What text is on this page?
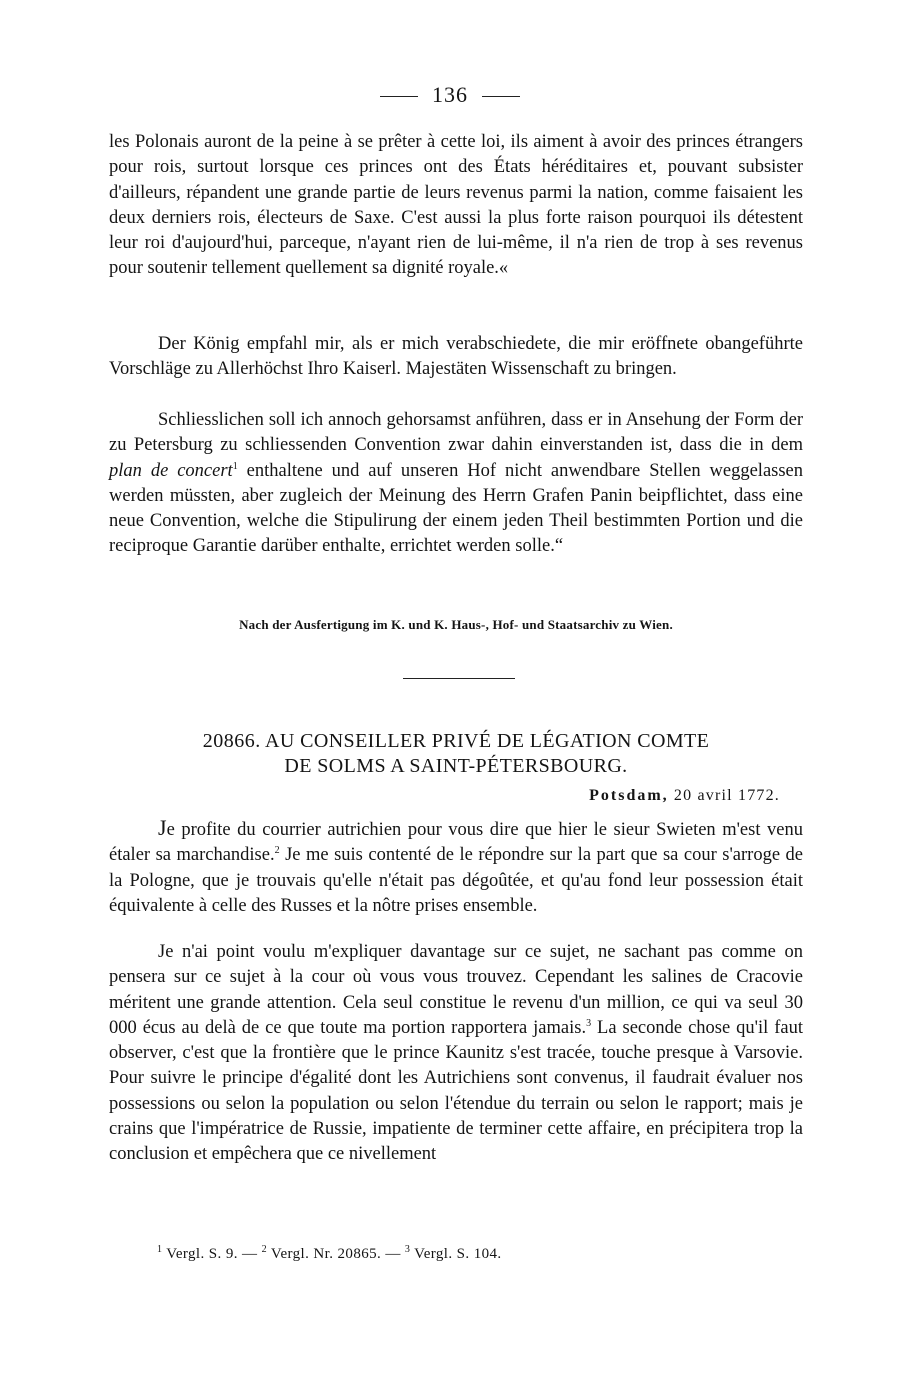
136

les Polonais auront de la peine à se prêter à cette loi, ils aiment à avoir des princes étrangers pour rois, surtout lorsque ces princes ont des États héréditaires et, pouvant subsister d'ailleurs, répandent une grande partie de leurs revenus parmi la nation, comme faisaient les deux derniers rois, électeurs de Saxe. C'est aussi la plus forte raison pourquoi ils détestent leur roi d'aujourd'hui, parceque, n'ayant rien de lui-même, il n'a rien de trop à ses revenus pour soutenir tellement quellement sa dignité royale.«

Der König empfahl mir, als er mich verabschiedete, die mir eröffnete obangeführte Vorschläge zu Allerhöchst Ihro Kaiserl. Majestäten Wissenschaft zu bringen.

Schliesslichen soll ich annoch gehorsamst anführen, dass er in Ansehung der Form der zu Petersburg zu schliessenden Convention zwar dahin einverstanden ist, dass die in dem plan de concert$^1$ enthaltene und auf unseren Hof nicht anwendbare Stellen weggelassen werden müssten, aber zugleich der Meinung des Herrn Grafen Panin beipflichtet, dass eine neue Convention, welche die Stipulirung der einem jeden Theil bestimmten Portion und die reciproque Garantie darüber enthalte, errichtet werden solle.“

Nach der Ausfertigung im K. und K. Haus-, Hof- und Staatsarchiv zu Wien.
20866. AU CONSEILLER PRIVÉ DE LÉGATION COMTE
DE SOLMS A SAINT-PÉTERSBOURG.
Potsdam, 20 avril 1772.

Je profite du courrier autrichien pour vous dire que hier le sieur Swieten m'est venu étaler sa marchandise.$^2$ Je me suis contenté de le répondre sur la part que sa cour s'arroge de la Pologne, que je trouvais qu'elle n'était pas dégoûtée, et qu'au fond leur possession était équivalente à celle des Russes et la nôtre prises ensemble.

Je n'ai point voulu m'expliquer davantage sur ce sujet, ne sachant pas comme on pensera sur ce sujet à la cour où vous vous trouvez. Cependant les salines de Cracovie méritent une grande attention. Cela seul constitue le revenu d'un million, ce qui va seul 30 000 écus au delà de ce que toute ma portion rapportera jamais.$^3$ La seconde chose qu'il faut observer, c'est que la frontière que le prince Kaunitz s'est tracée, touche presque à Varsovie. Pour suivre le principe d'égalité dont les Autrichiens sont convenus, il faudrait évaluer nos possessions ou selon la population ou selon l'étendue du terrain ou selon le rapport; mais je crains que l'impératrice de Russie, impatiente de terminer cette affaire, en précipitera trop la conclusion et empêchera que ce nivellement

$^1$ Vergl. S. 9. — $^2$ Vergl. Nr. 20865. — $^3$ Vergl. S. 104.
